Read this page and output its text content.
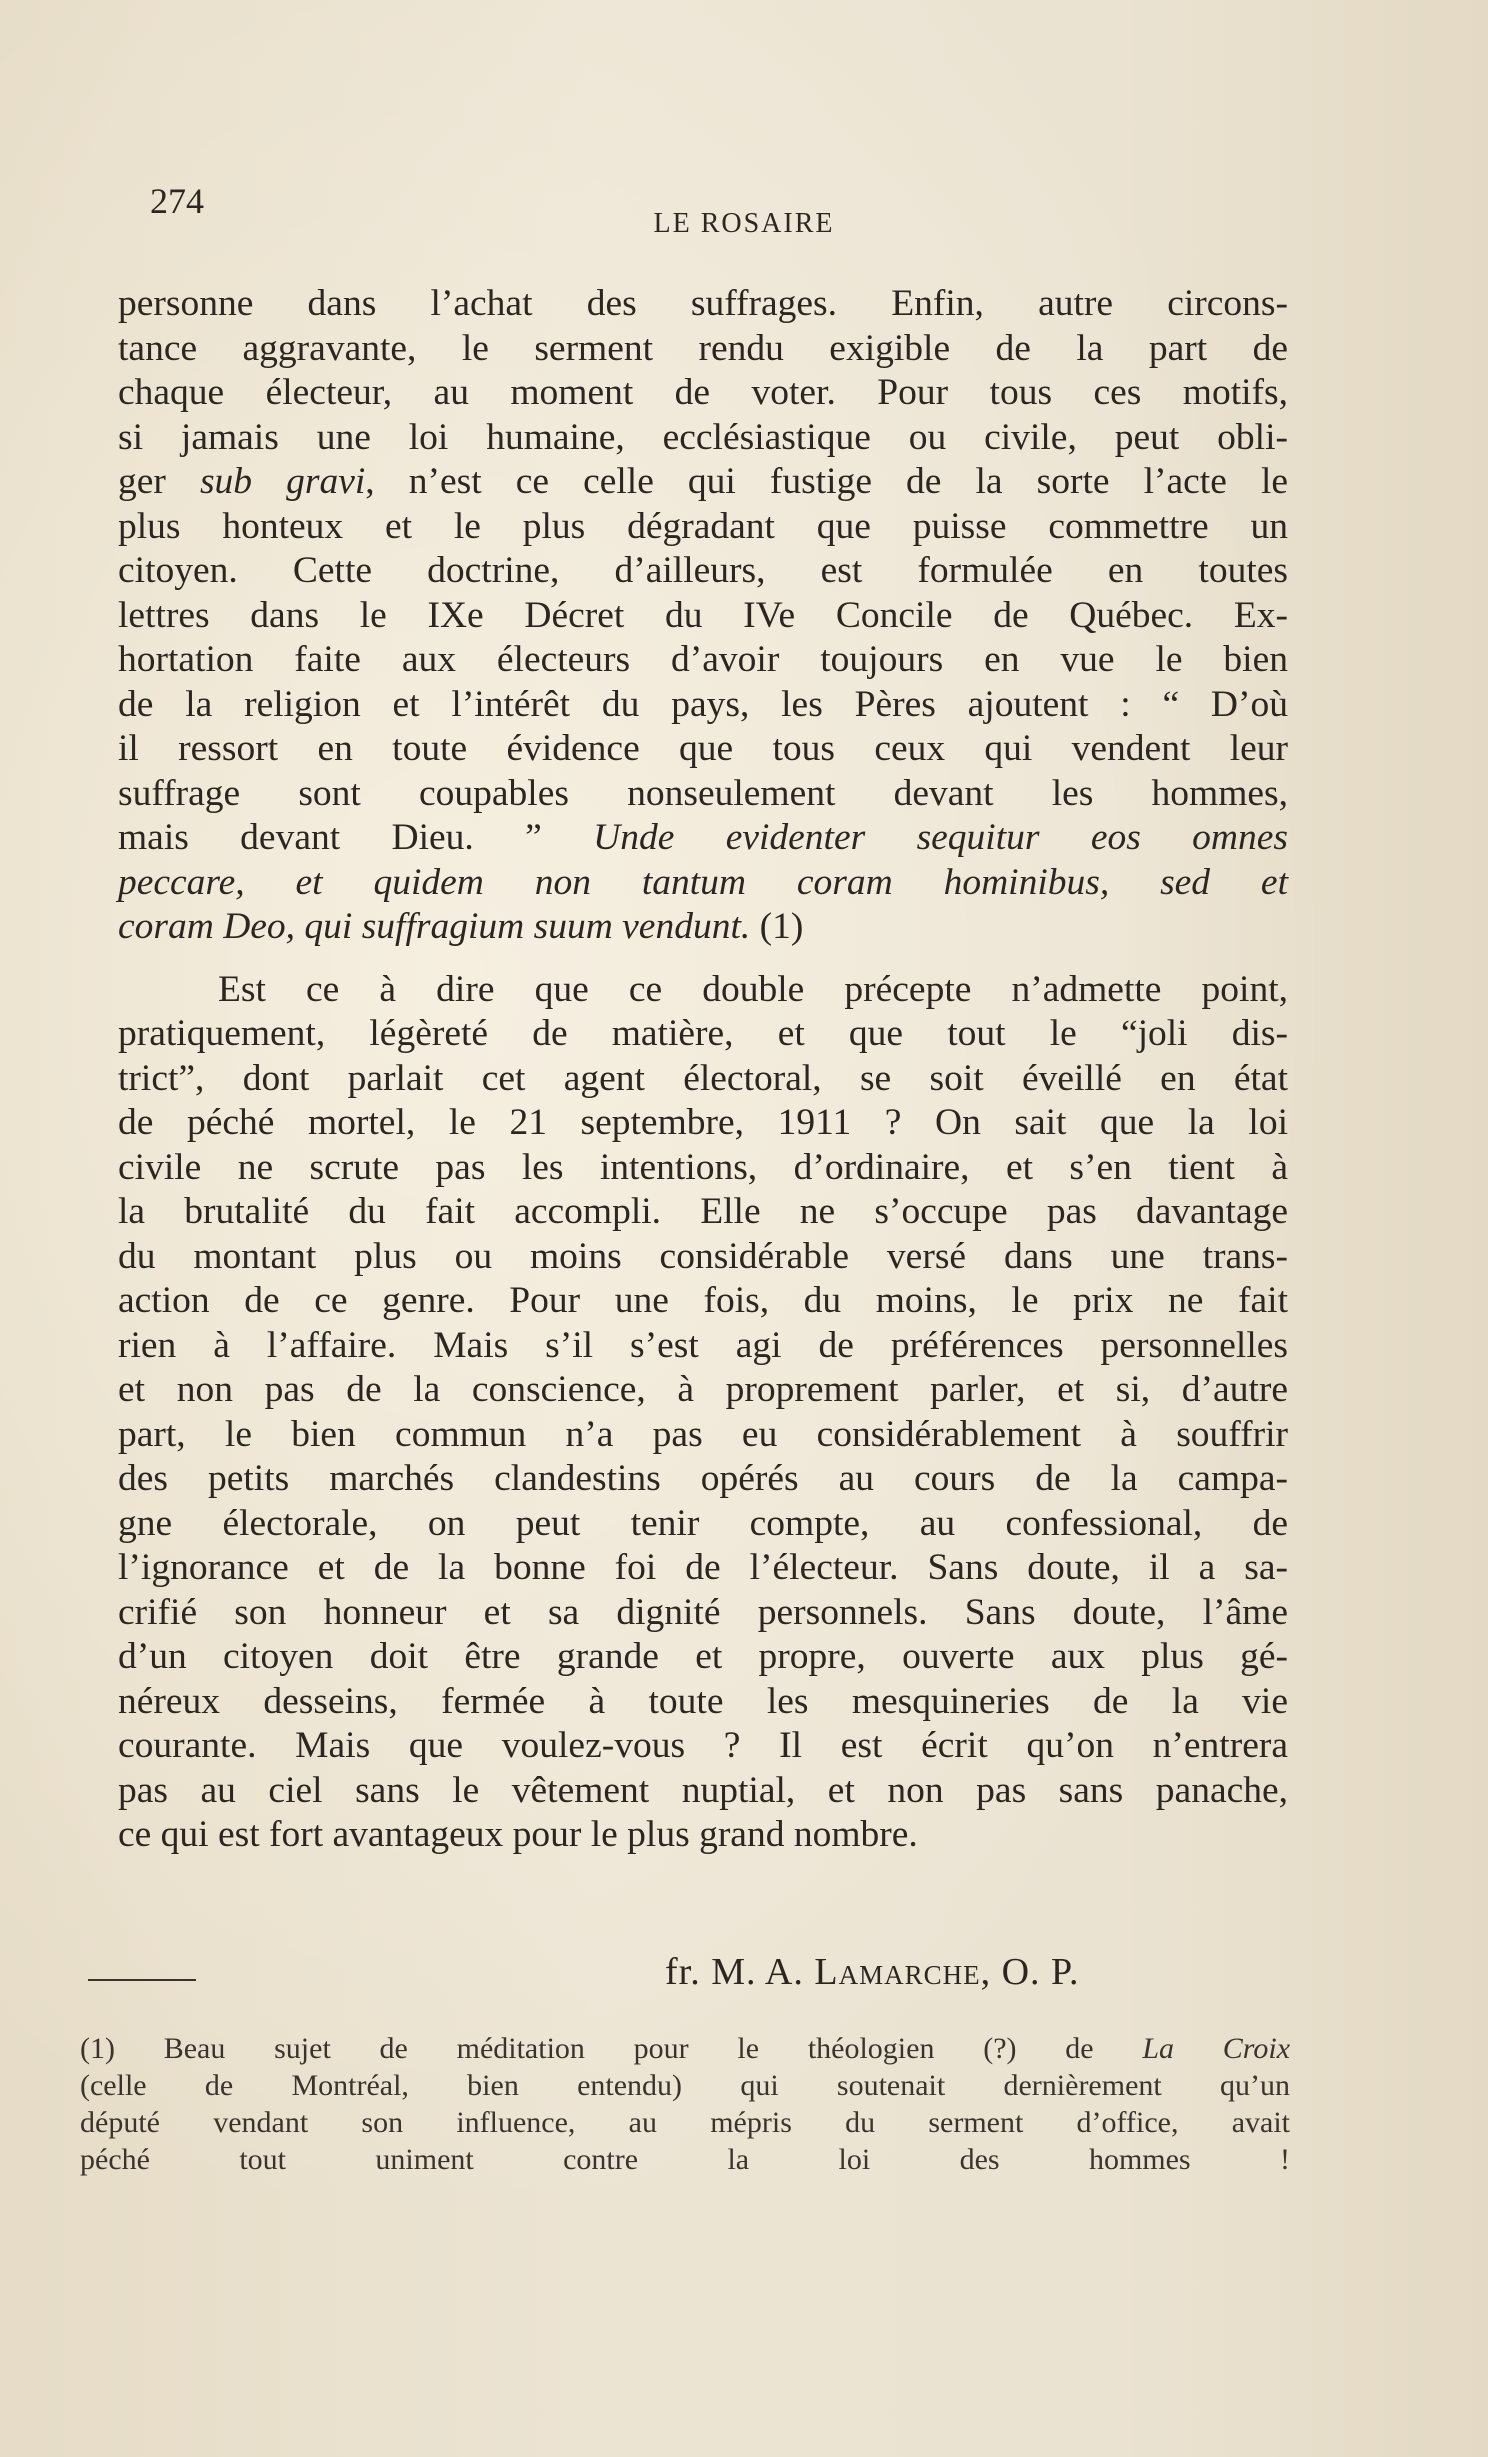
274
LE ROSAIRE

personne dans l’achat des suffrages. Enfin, autre circons-
tance aggravante, le serment rendu exigible de la part de
chaque électeur, au moment de voter. Pour tous ces motifs,
si jamais une loi humaine, ecclésiastique ou civile, peut obli-
ger sub gravi, n’est ce celle qui fustige de la sorte l’acte le
plus honteux et le plus dégradant que puisse commettre un
citoyen. Cette doctrine, d’ailleurs, est formulée en toutes
lettres dans le IXe Décret du IVe Concile de Québec. Ex-
hortation faite aux électeurs d’avoir toujours en vue le bien
de la religion et l’intérêt du pays, les Pères ajoutent : “ D’où
il ressort en toute évidence que tous ceux qui vendent leur
suffrage sont coupables nonseulement devant les hommes,
mais devant Dieu. ” Unde evidenter sequitur eos omnes
peccare, et quidem non tantum coram hominibus, sed et
coram Deo, qui suffragium suum vendunt. (1)

Est ce à dire que ce double précepte n’admette point,
pratiquement, légèreté de matière, et que tout le “joli dis-
trict”, dont parlait cet agent électoral, se soit éveillé en état
de péché mortel, le 21 septembre, 1911 ? On sait que la loi
civile ne scrute pas les intentions, d’ordinaire, et s’en tient à
la brutalité du fait accompli. Elle ne s’occupe pas davantage
du montant plus ou moins considérable versé dans une trans-
action de ce genre. Pour une fois, du moins, le prix ne fait
rien à l’affaire. Mais s’il s’est agi de préférences personnelles
et non pas de la conscience, à proprement parler, et si, d’autre
part, le bien commun n’a pas eu considérablement à souffrir
des petits marchés clandestins opérés au cours de la campa-
gne électorale, on peut tenir compte, au confessional, de
l’ignorance et de la bonne foi de l’électeur. Sans doute, il a sa-
crifié son honneur et sa dignité personnels. Sans doute, l’âme
d’un citoyen doit être grande et propre, ouverte aux plus gé-
néreux desseins, fermée à toute les mesquineries de la vie
courante. Mais que voulez-vous ? Il est écrit qu’on n’entrera
pas au ciel sans le vêtement nuptial, et non pas sans panache,
ce qui est fort avantageux pour le plus grand nombre.

fr. M. A. Lamarche, O. P.
(1) Beau sujet de méditation pour le théologien (?) de La Croix
(celle de Montréal, bien entendu) qui soutenait dernièrement qu’un
député vendant son influence, au mépris du serment d’office, avait
péché tout uniment contre la loi des hommes !
